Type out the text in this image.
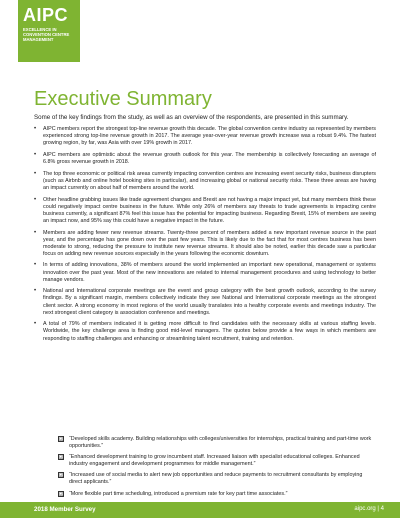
AIPC
EXCELLENCE IN
CONVENTION CENTRE
MANAGEMENT
Executive Summary
Some of the key findings from the study, as well as an overview of the respondents, are presented in this summary.
• AIPC members report the strongest top-line revenue growth this decade. The global convention centre industry as represented by members experienced strong top-line revenue growth in 2017. The average year-over-year revenue growth increase was a robust 9.4%. The fastest growing region, by far, was Asia with over 19% growth in 2017.
• AIPC members are optimistic about the revenue growth outlook for this year. The membership is collectively forecasting an average of 6.8% gross revenue growth in 2018.
• The top three economic or political risk areas currently impacting convention centres are increasing event security risks, business disrupters (such as Airbnb and online hotel booking sites in particular), and increasing global or national security risks. These three areas are having an impact currently on about half of members around the world.
• Other headline grabbing issues like trade agreement changes and Brexit are not having a major impact yet, but many members think these could negatively impact centre business in the future. While only 26% of members say threats to trade agreements is impacting centre business currently, a significant 87% feel this issue has the potential for impacting business. Regarding Brexit, 15% of members are seeing an impact now, and 95% say this could have a negative impact in the future.
• Members are adding fewer new revenue streams. Twenty-three percent of members added a new important revenue source in the past year, and the percentage has gone down over the past few years. This is likely due to the fact that for most centres business has been moderate to strong, reducing the pressure to institute new revenue streams. It should also be noted, earlier this decade saw a particular focus on adding new revenue sources especially in the years following the economic downturn.
• In terms of adding innovations, 38% of members around the world implemented an important new operational, management or systems innovation over the past year. Most of the new innovations are related to internal management procedures and using technology to better manage vendors.
• National and International corporate meetings are the event and group category with the best growth outlook, according to the survey findings. By a significant margin, members collectively indicate they see National and International corporate meetings as the strongest client sector. A strong economy in most regions of the world usually translates into a healthy corporate events and meetings industry. The next strongest client category is association conference and meetings.
• A total of 79% of members indicated it is getting more difficult to find candidates with the necessary skills at various staffing levels. Worldwide, the key challenge area is finding good mid-level managers. The quotes below provide a few ways in which members are responding to staffing challenges and enhancing or streamlining talent recruitment, training and retention.
☑ “Developed skills academy. Building relationships with colleges/universities for internships, practical training and part-time work opportunities.”
☑ “Enhanced development training to grow incumbent staff. Increased liaison with specialist educational colleges. Enhanced industry engagement and development programmes for middle management.”
☑ “Increased use of social media to alert new job opportunities and reduce payments to recruitment consultants by employing direct applicants.”
☑ “More flexible part time scheduling, introduced a premium rate for key part time associates.”
2018 Member Survey	aipc.org | 4
